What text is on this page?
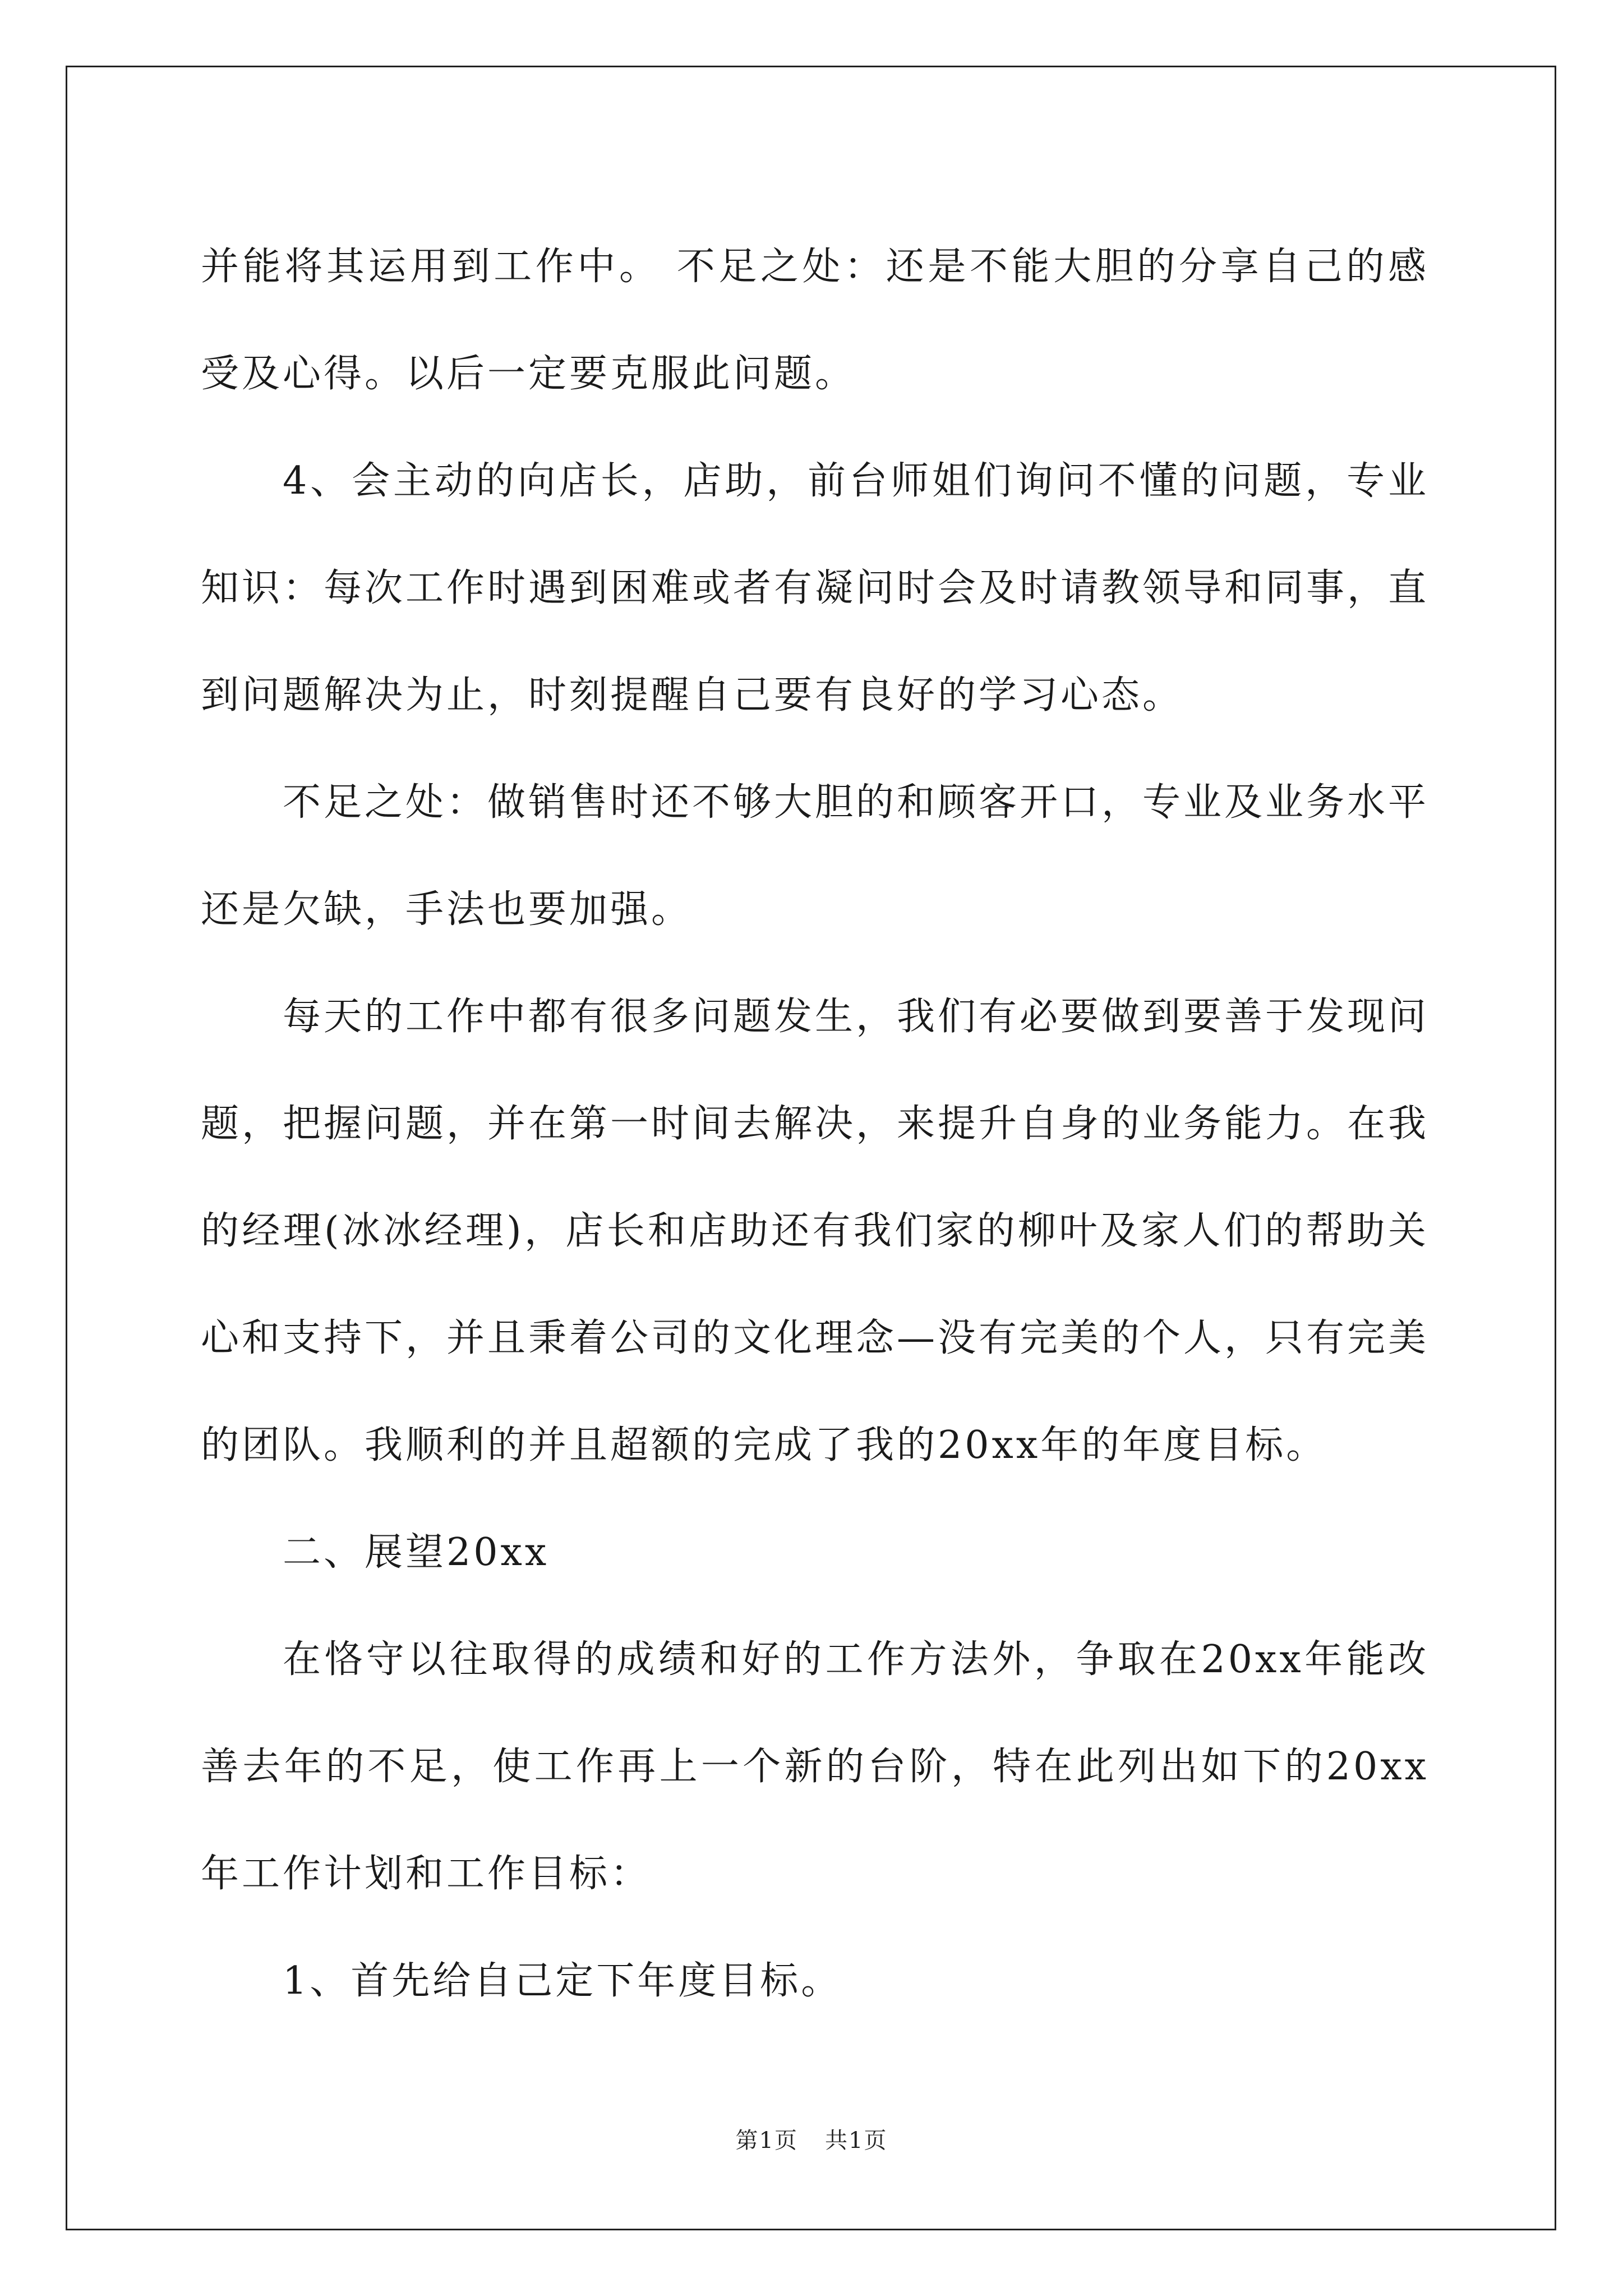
并能将其运用到工作中。 不足之处：还是不能大胆的分享自己的感受及心得。以后一定要克服此问题。

4、会主动的向店长，店助，前台师姐们询问不懂的问题，专业知识：每次工作时遇到困难或者有凝问时会及时请教领导和同事，直到问题解决为止，时刻提醒自己要有良好的学习心态。

不足之处：做销售时还不够大胆的和顾客开口，专业及业务水平还是欠缺，手法也要加强。

每天的工作中都有很多问题发生，我们有必要做到要善于发现问题，把握问题，并在第一时间去解决，来提升自身的业务能力。在我的经理(冰冰经理)，店长和店助还有我们家的柳叶及家人们的帮助关心和支持下，并且秉着公司的文化理念—没有完美的个人，只有完美的团队。我顺利的并且超额的完成了我的20xx年的年度目标。

二、展望20xx

在恪守以往取得的成绩和好的工作方法外，争取在20xx年能改善去年的不足，使工作再上一个新的台阶，特在此列出如下的20xx年工作计划和工作目标：

1、首先给自己定下年度目标。

第1页 共1页
